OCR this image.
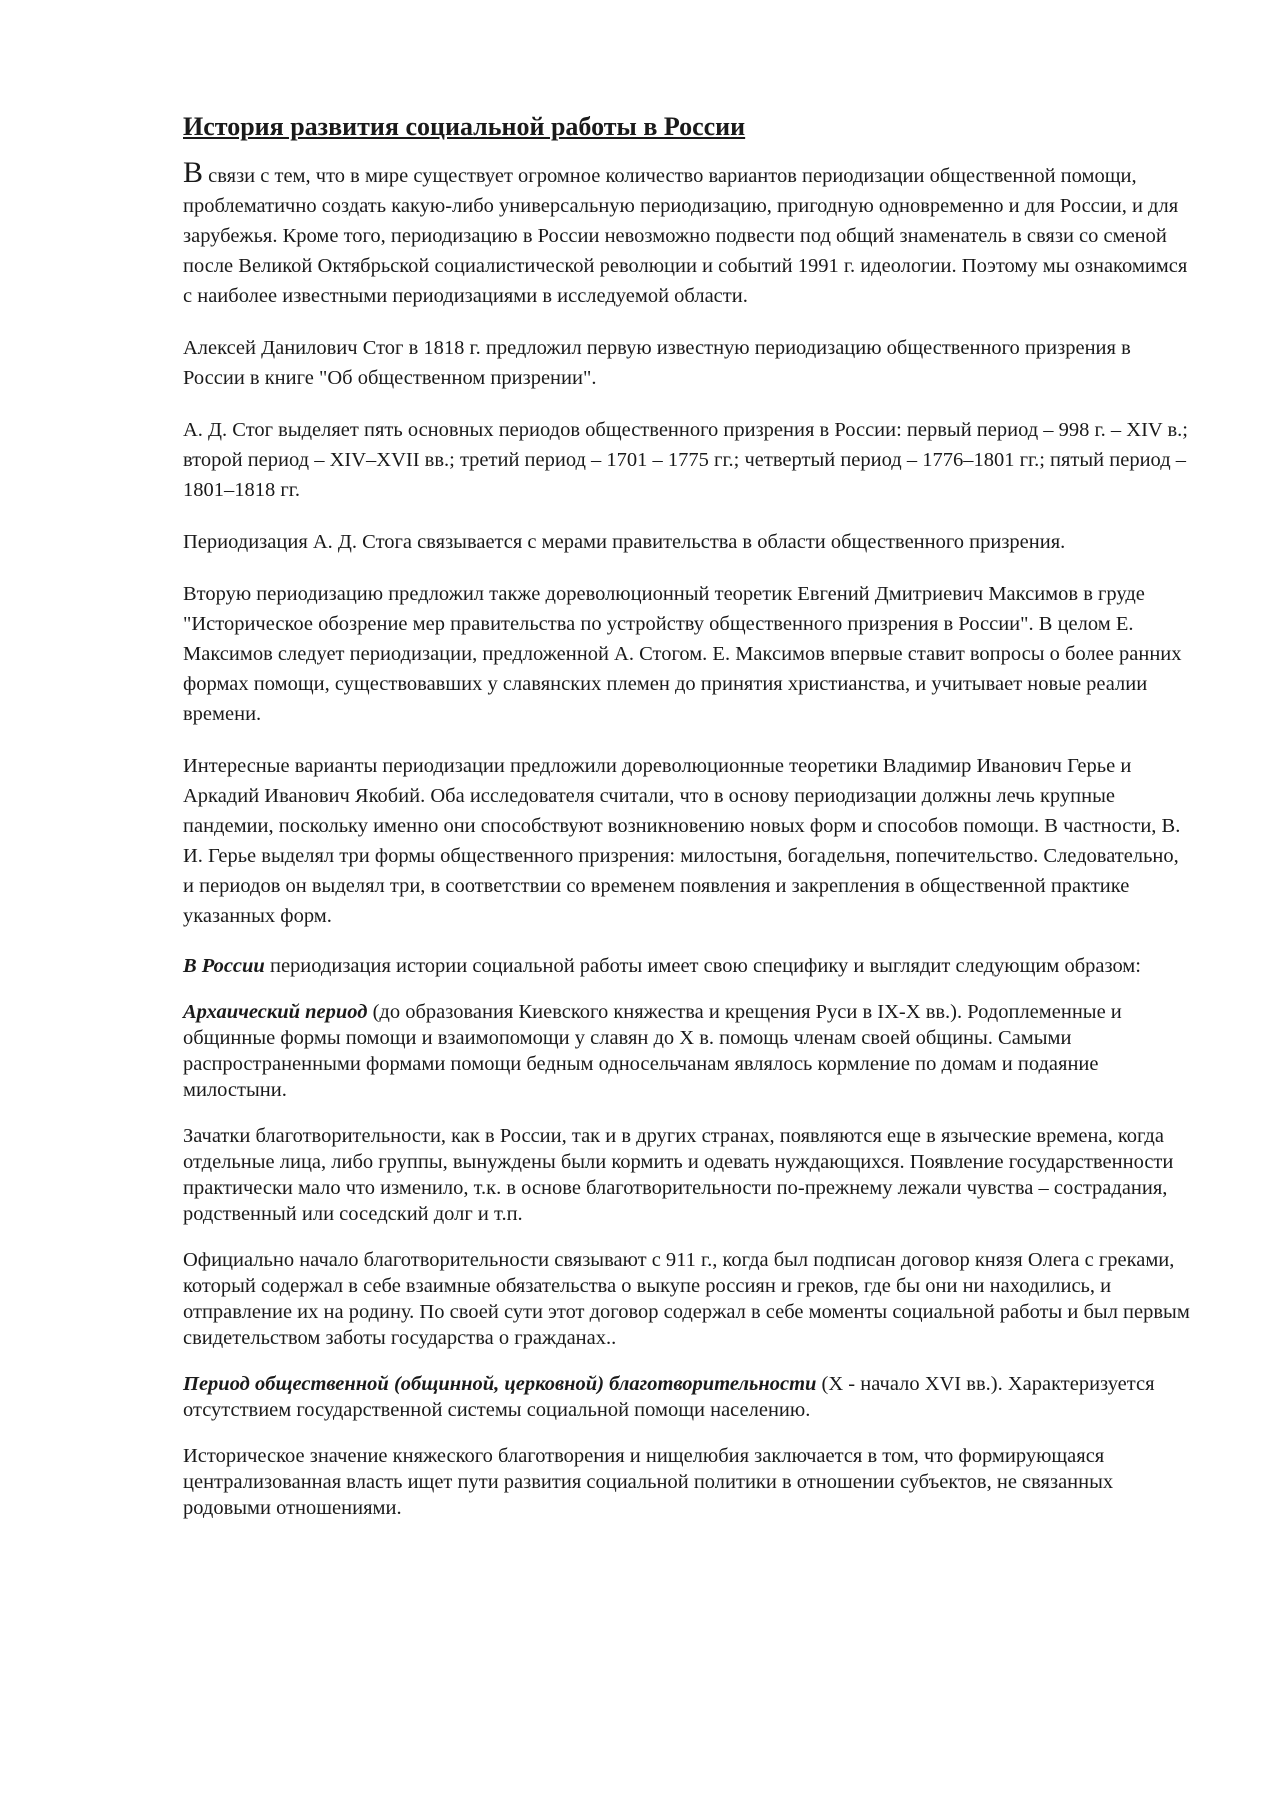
История развития социальной работы в России

В связи с тем, что в мире существует огромное количество вариантов периодизации общественной помощи, проблематично создать какую-либо универсальную периодизацию, пригодную одновременно и для России, и для зарубежья. Кроме того, периодизацию в России невозможно подвести под общий знаменатель в связи со сменой после Великой Октябрьской социалистической революции и событий 1991 г. идеологии. Поэтому мы ознакомимся с наиболее известными периодизациями в исследуемой области.

Алексей Данилович Стог в 1818 г. предложил первую известную периодизацию общественного призрения в России в книге "Об общественном призрении".

А. Д. Стог выделяет пять основных периодов общественного призрения в России: первый период – 998 г. – XIV в.; второй период – XIV–XVII вв.; третий период – 1701 – 1775 гг.; четвертый период – 1776–1801 гг.; пятый период – 1801–1818 гг.

Периодизация А. Д. Стога связывается с мерами правительства в области общественного призрения.

Вторую периодизацию предложил также дореволюционный теоретик Евгений Дмитриевич Максимов в груде "Историческое обозрение мер правительства по устройству общественного призрения в России". В целом Е. Максимов следует периодизации, предложенной А. Стогом. Е. Максимов впервые ставит вопросы о более ранних формах помощи, существовавших у славянских племен до принятия христианства, и учитывает новые реалии времени.

Интересные варианты периодизации предложили дореволюционные теоретики Владимир Иванович Герье и Аркадий Иванович Якобий. Оба исследователя считали, что в основу периодизации должны лечь крупные пандемии, поскольку именно они способствуют возникновению новых форм и способов помощи. В частности, В. И. Герье выделял три формы общественного призрения: милостыня, богадельня, попечительство. Следовательно, и периодов он выделял три, в соответствии со временем появления и закрепления в общественной практике указанных форм.

В России периодизация истории социальной работы имеет свою специфику и выглядит следующим образом:

Архаический период (до образования Киевского княжества и крещения Руси в IX-X вв.). Родоплеменные и общинные формы помощи и взаимопомощи у славян до X в. помощь членам своей общины. Самыми распространенными формами помощи бедным односельчанам являлось кормление по домам и подаяние милостыни.

Зачатки благотворительности, как в России, так и в других странах, появляются еще в языческие времена, когда отдельные лица, либо группы, вынуждены были кормить и одевать нуждающихся. Появление государственности практически мало что изменило, т.к. в основе благотворительности по-прежнему лежали чувства – сострадания, родственный или соседский долг и т.п.

Официально начало благотворительности связывают с 911 г., когда был подписан договор князя Олега с греками, который содержал в себе взаимные обязательства о выкупе россиян и греков, где бы они ни находились, и отправление их на родину. По своей сути этот договор содержал в себе моменты социальной работы и был первым свидетельством заботы государства о гражданах..

Период общественной (общинной, церковной) благотворительности (X - начало XVI вв.). Характеризуется отсутствием государственной системы социальной помощи населению.

Историческое значение княжеского благотворения и нищелюбия заключается в том, что формирующаяся централизованная власть ищет пути развития социальной политики в отношении субъектов, не связанных родовыми отношениями.
